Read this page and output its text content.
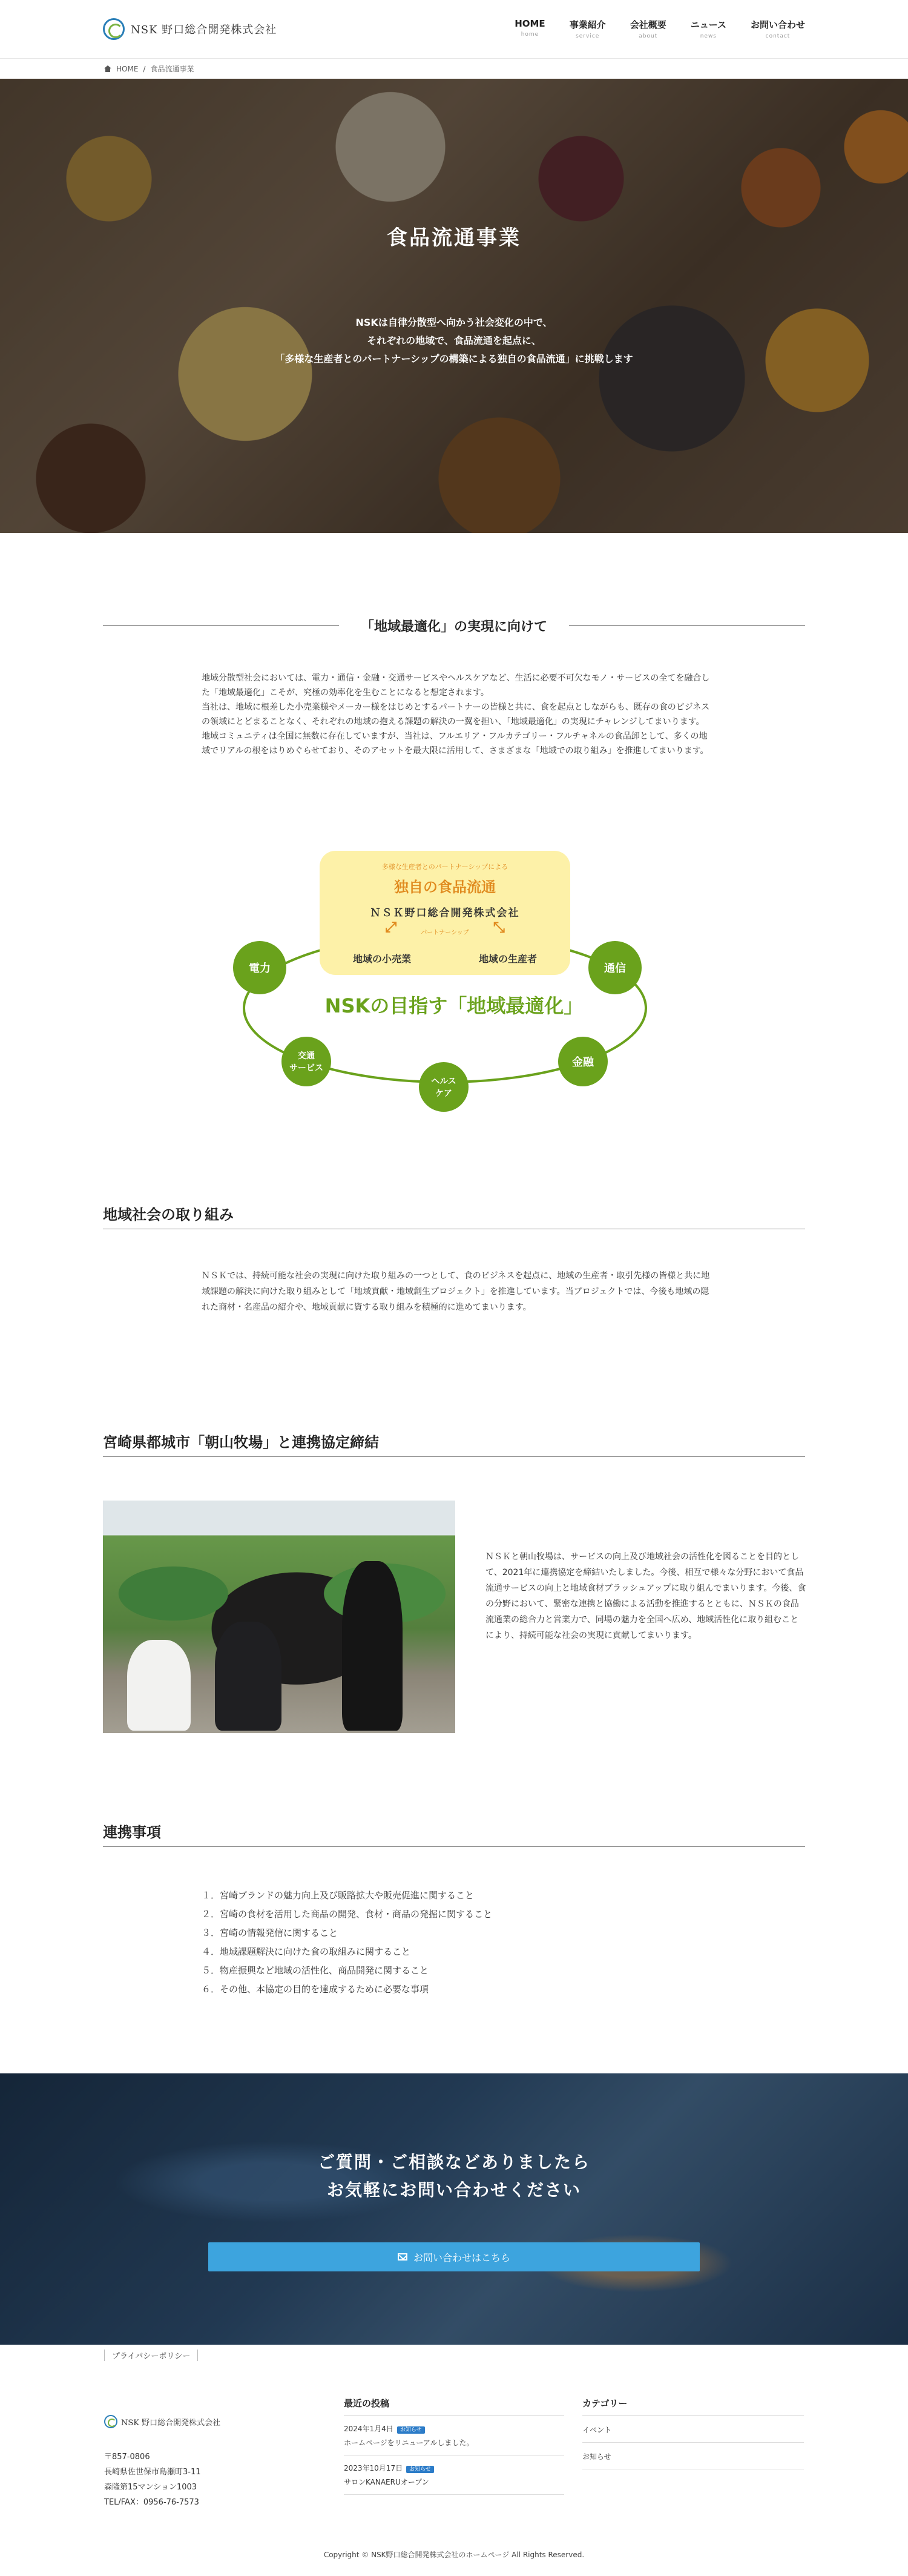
NSK 野口総合開発株式会社	HOME
home
事業紹介
service
会社概要
about
ニュース
news
お問い合わせ
contact
HOME / 食品流通事業
食品流通事業
NSKは自律分散型へ向かう社会変化の中で、
それぞれの地域で、食品流通を起点に、
「多様な生産者とのパートナーシップの構築による独自の食品流通」に挑戦します
「地域最適化」の実現に向けて

地域分散型社会においては、電力・通信・金融・交通サービスやヘルスケアなど、生活に必要不可欠なモノ・サービスの全てを融合した「地域最適化」こそが、究極の効率化を生むことになると想定されます。

当社は、地域に根差した小売業様やメーカー様をはじめとするパートナーの皆様と共に、食を起点としながらも、既存の食のビジネスの領域にとどまることなく、それぞれの地域の抱える課題の解決の一翼を担い、「地域最適化」の実現にチャレンジしてまいります。

地域コミュニティは全国に無数に存在していますが、当社は、フルエリア・フルカテゴリー・フルチャネルの食品卸として、多くの地域でリアルの根をはりめぐらせており、そのアセットを最大限に活用して、さまざまな「地域での取り組み」を推進してまいります。

多様な生産者とのパートナーシップによる
独自の食品流通
ＮＳＫ野口総合開発株式会社
パートナーシップ
⤢	⤡
地域の小売業	地域の生産者
NSKの目指す「地域最適化」
電力	通信
交通
サービス	金融
ヘルス
ケア
地域社会の取り組み

ＮＳＫでは、持続可能な社会の実現に向けた取り組みの一つとして、食のビジネスを起点に、地域の生産者・取引先様の皆様と共に地域課題の解決に向けた取り組みとして「地域貢献・地域創生プロジェクト」を推進しています。当プロジェクトでは、今後も地域の隠れた商材・名産品の紹介や、地域貢献に資する取り組みを積極的に進めてまいります。

宮崎県都城市「朝山牧場」と連携協定締結

ＮＳＫと朝山牧場は、サービスの向上及び地域社会の活性化を図ることを目的として、2021年に連携協定を締結いたしました。今後、相互で様々な分野において食品流通サービスの向上と地域食材ブラッシュアップに取り組んでまいります。今後、食の分野において、緊密な連携と協働による活動を推進するとともに、ＮＳＫの食品流通業の総合力と営業力で、同場の魅力を全国へ広め、地域活性化に取り組むことにより、持続可能な社会の実現に貢献してまいります。

連携事項
１．宮崎ブランドの魅力向上及び販路拡大や販売促進に関すること
２．宮崎の食材を活用した商品の開発、食材・商品の発掘に関すること
３．宮崎の情報発信に関すること
４．地域課題解決に向けた食の取組みに関すること
５．物産振興など地域の活性化、商品開発に関すること
６．その他、本協定の目的を達成するために必要な事項
ご質問・ご相談などありましたら
お気軽にお問い合わせください
お問い合わせはこちら
プライバシーポリシー
NSK 野口総合開発株式会社
〒857-0806
長崎県佐世保市島瀬町3-11
森隆第15マンション1003
TEL/FAX：0956-76-7573
最近の投稿
2024年1月4日 お知らせ
ホームページをリニューアルしました。
2023年10月17日 お知らせ
サロンKANAERUオープン
カテゴリー
イベント
お知らせ
Copyright © NSK野口総合開発株式会社のホームページ All Rights Reserved.
